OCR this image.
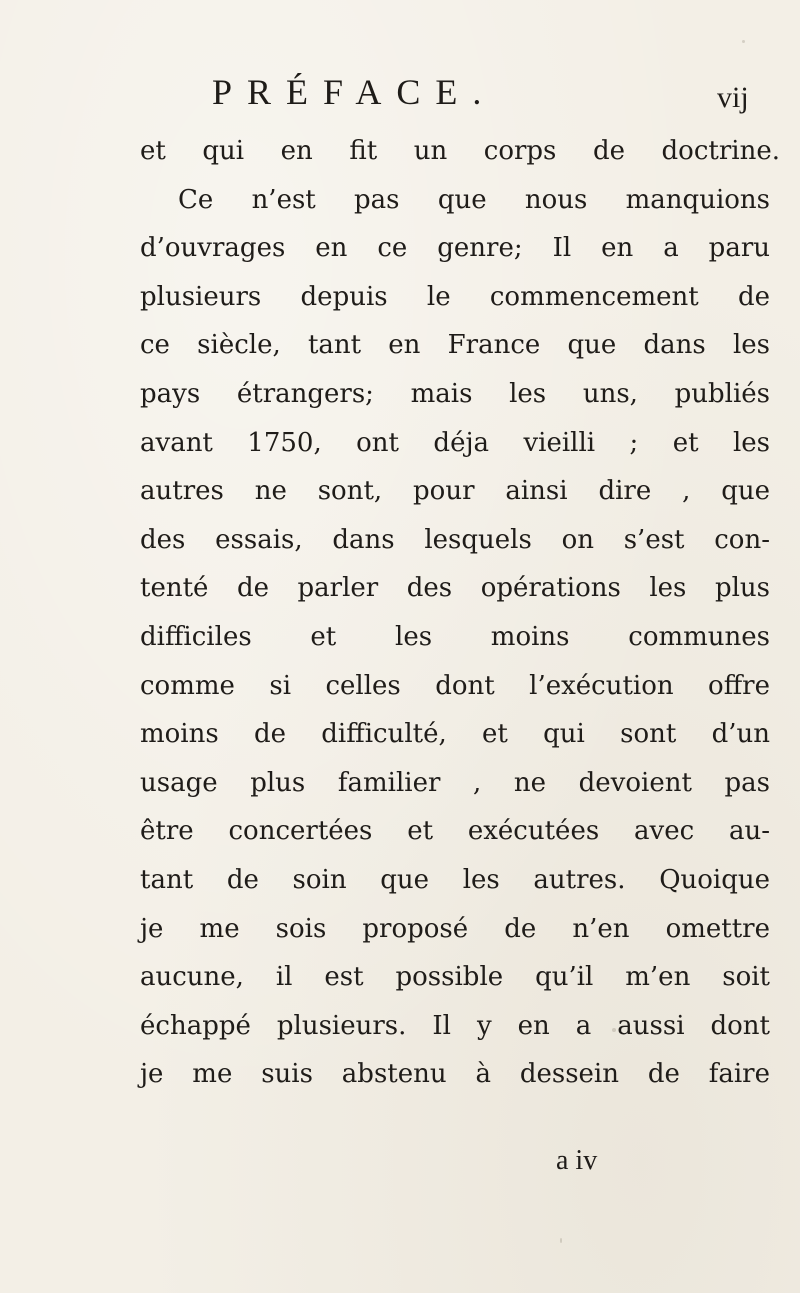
PRÉFACE.	vij
et qui en fit un corps de doctrine.
Ce n’est pas que nous manquions
d’ouvrages en ce genre; Il en a paru
plusieurs depuis le commencement de
ce siècle, tant en France que dans les
pays étrangers; mais les uns, publiés
avant 1750, ont déja vieilli ; et les
autres ne sont, pour ainsi dire , que
des essais, dans lesquels on s’est con-
tenté de parler des opérations les plus
difficiles et les moins communes
comme si celles dont l’exécution offre
moins de difficulté, et qui sont d’un
usage plus familier , ne devoient pas
être concertées et exécutées avec au-
tant de soin que les autres. Quoique
je me sois proposé de n’en omettre
aucune, il est possible qu’il m’en soit
échappé plusieurs. Il y en a aussi dont
je me suis abstenu à dessein de faire
a iv
